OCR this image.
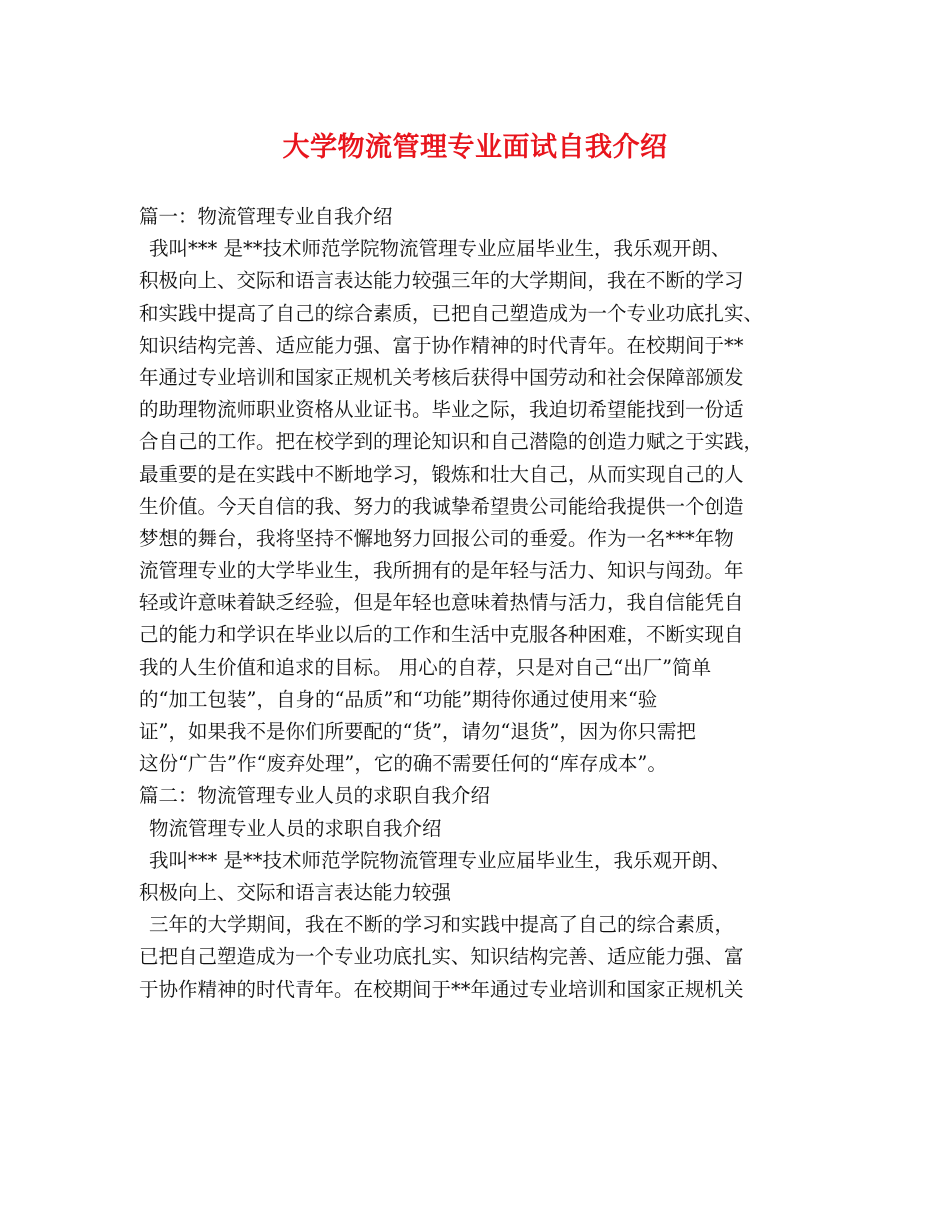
大学物流管理专业面试自我介绍
篇一：物流管理专业自我介绍
我叫*** 是**技术师范学院物流管理专业应届毕业生，我乐观开朗、
积极向上、交际和语言表达能力较强三年的大学期间，我在不断的学习
和实践中提高了自己的综合素质，已把自己塑造成为一个专业功底扎实、
知识结构完善、适应能力强、富于协作精神的时代青年。在校期间于**
年通过专业培训和国家正规机关考核后获得中国劳动和社会保障部颁发
的助理物流师职业资格从业证书。毕业之际，我迫切希望能找到一份适
合自己的工作。把在校学到的理论知识和自己潜隐的创造力赋之于实践，
最重要的是在实践中不断地学习，锻炼和壮大自己，从而实现自己的人
生价值。今天自信的我、努力的我诚挚希望贵公司能给我提供一个创造
梦想的舞台，我将坚持不懈地努力回报公司的垂爱。作为一名***年物
流管理专业的大学毕业生，我所拥有的是年轻与活力、知识与闯劲。年
轻或许意味着缺乏经验，但是年轻也意味着热情与活力，我自信能凭自
己的能力和学识在毕业以后的工作和生活中克服各种困难，不断实现自
我的人生价值和追求的目标。 用心的自荐，只是对自己“出厂”简单
的“加工包装”，自身的“品质”和“功能”期待你通过使用来“验
证”，如果我不是你们所要配的“货”，请勿“退货”，因为你只需把
这份“广告”作“废弃处理”，它的确不需要任何的“库存成本”。
篇二：物流管理专业人员的求职自我介绍
物流管理专业人员的求职自我介绍
我叫*** 是**技术师范学院物流管理专业应届毕业生，我乐观开朗、
积极向上、交际和语言表达能力较强
三年的大学期间，我在不断的学习和实践中提高了自己的综合素质，
已把自己塑造成为一个专业功底扎实、知识结构完善、适应能力强、富
于协作精神的时代青年。在校期间于**年通过专业培训和国家正规机关
